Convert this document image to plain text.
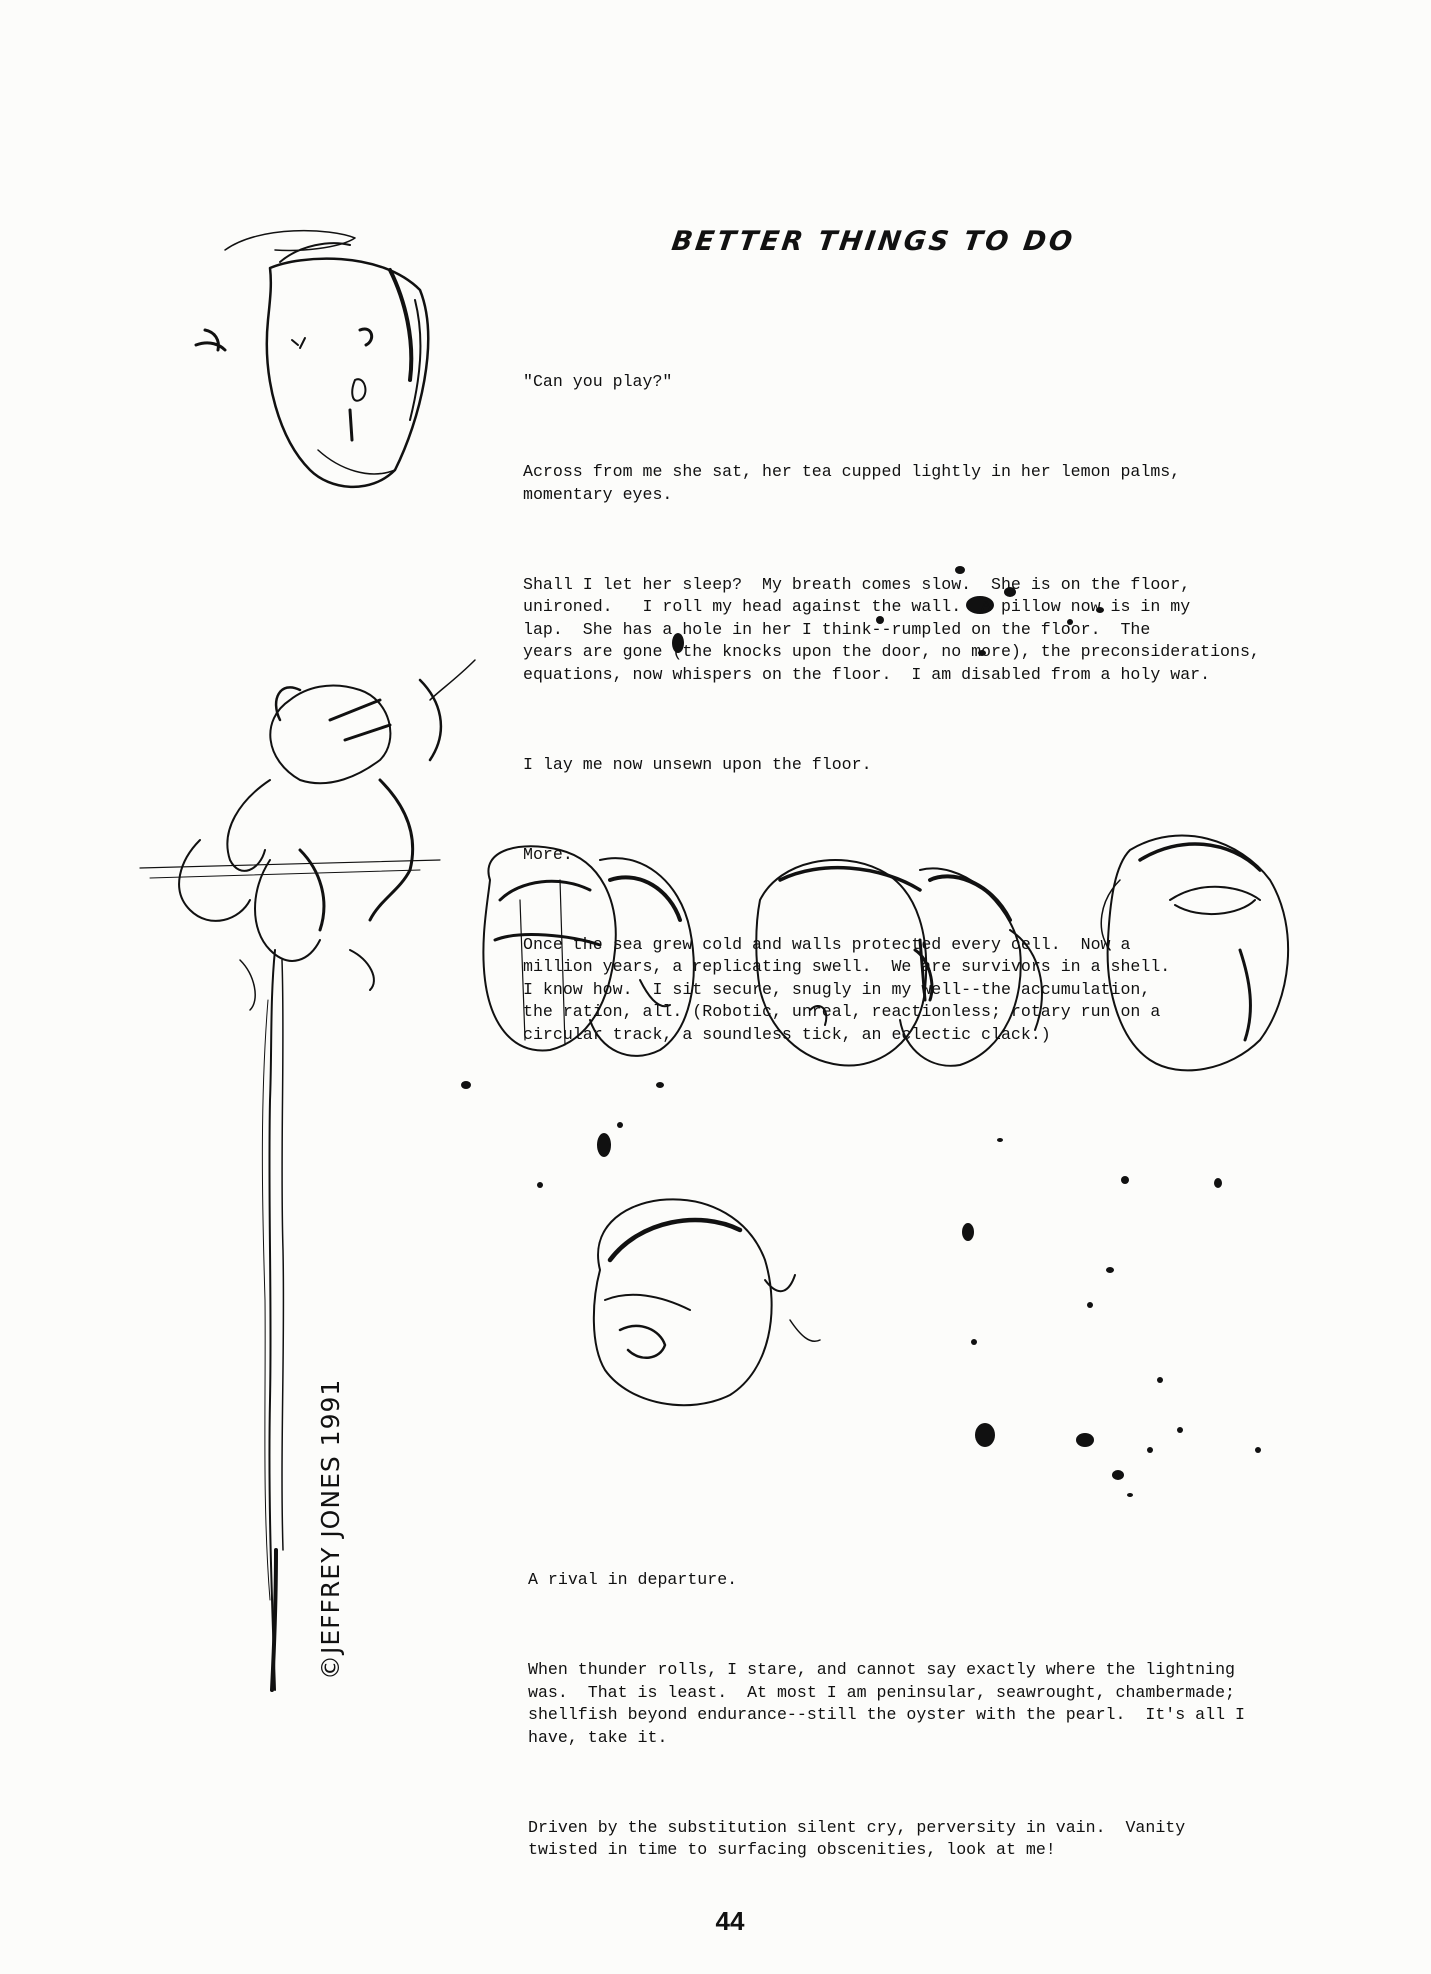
BETTER THINGS TO DO

"Can you play?"

Across from me she sat, her tea cupped lightly in her lemon palms,
momentary eyes.

Shall I let her sleep?  My breath comes slow.  She is on the floor,
unironed.   I roll my head against the wall.  A pillow now is in my
lap.  She has a hole in her I think--rumpled on the floor.  The
years are gone (the knocks upon the door, no more), the preconsiderations,
equations, now whispers on the floor.  I am disabled from a holy war.

I lay me now unsewn upon the floor.

More.

Once the sea grew cold and walls protected every cell.  Now a
million years, a replicating swell.  We are survivors in a shell.
I know how.  I sit secure, snugly in my well--the accumulation,
the ration, all. (Robotic, unreal, reactionless; rotary run on a
circular track, a soundless tick, an eclectic clack.)

A rival in departure.

When thunder rolls, I stare, and cannot say exactly where the lightning
was.  That is least.  At most I am peninsular, seawrought, chambermade;
shellfish beyond endurance--still the oyster with the pearl.  It's all I
have, take it.

Driven by the substitution silent cry, perversity in vain.  Vanity
twisted in time to surfacing obscenities, look at me!

©JEFFREY JONES 1991
44
